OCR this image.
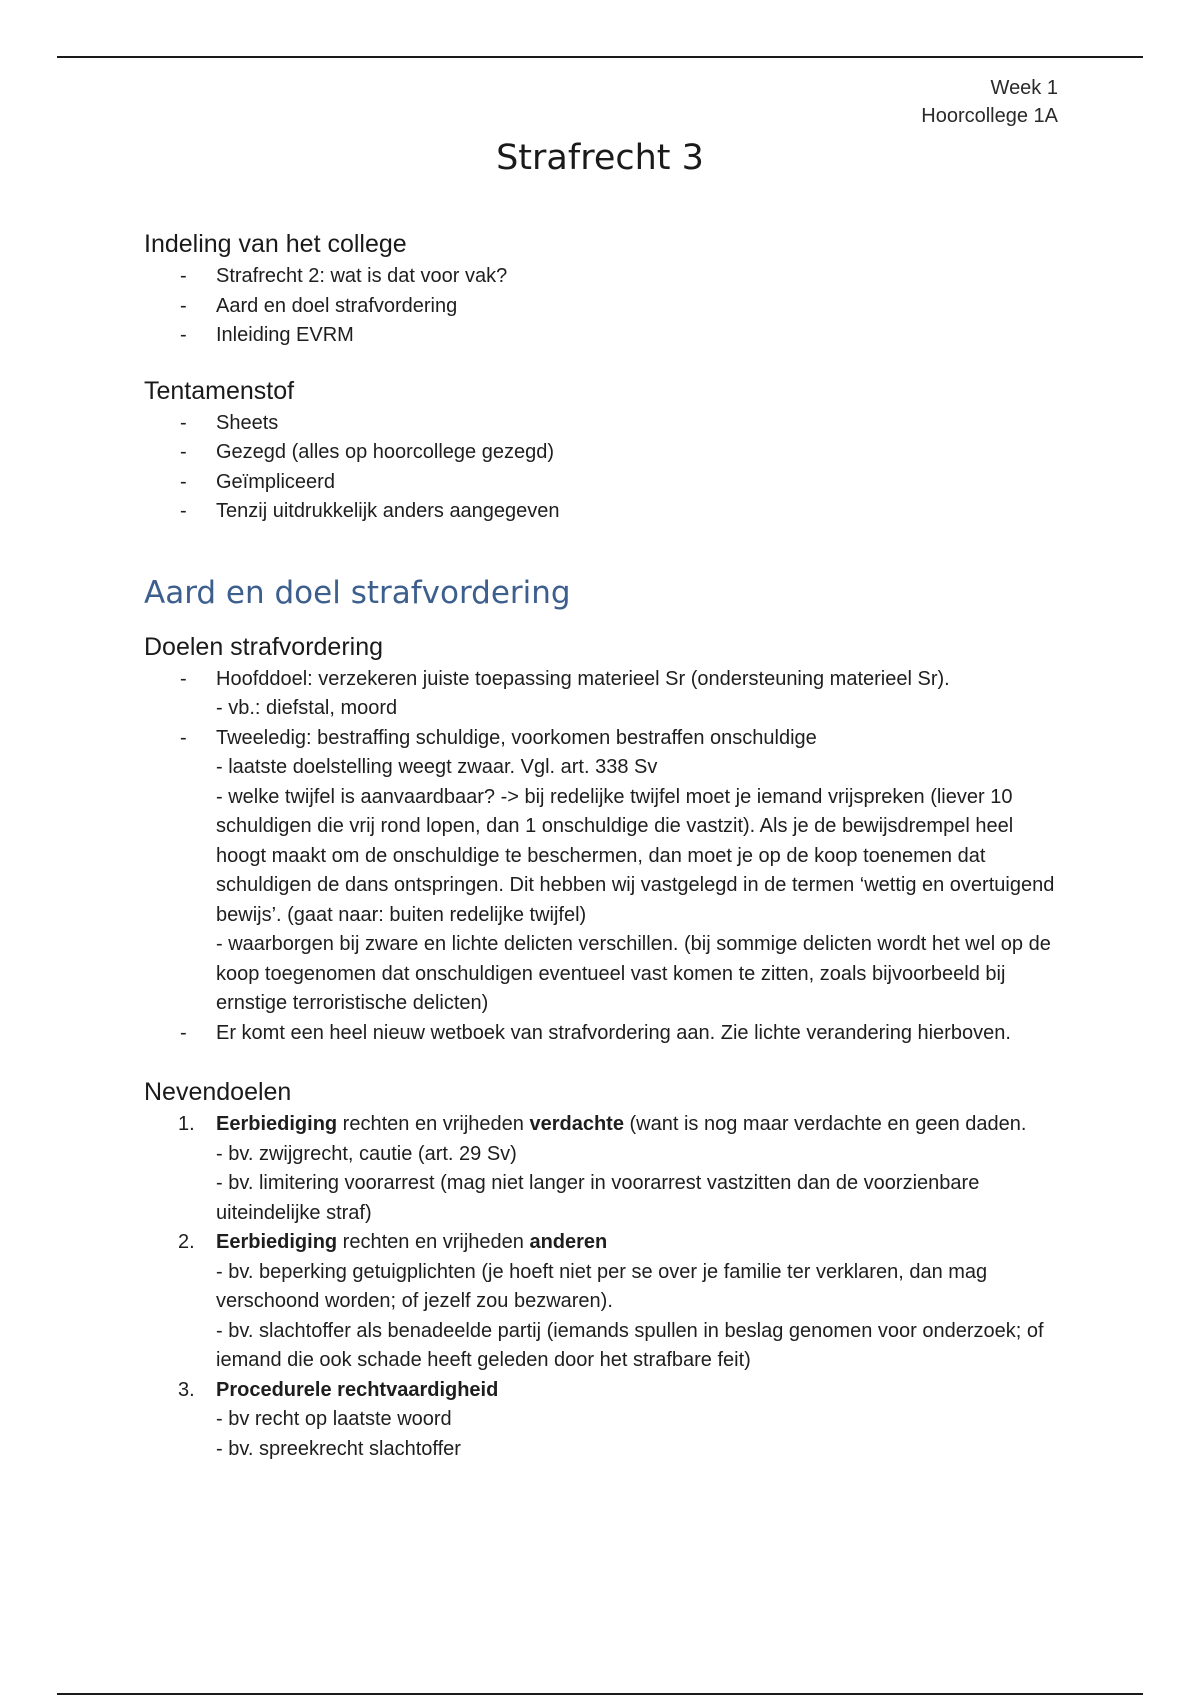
Week 1
Hoorcollege 1A
Strafrecht 3
Indeling van het college
- Strafrecht 2: wat is dat voor vak?
- Aard en doel strafvordering
- Inleiding EVRM
Tentamenstof
- Sheets
- Gezegd (alles op hoorcollege gezegd)
- Geïmpliceerd
- Tenzij uitdrukkelijk anders aangegeven
Aard en doel strafvordering
Doelen strafvordering
- Hoofddoel: verzekeren juiste toepassing materieel Sr (ondersteuning materieel Sr).
- vb.: diefstal, moord
- Tweeledig: bestraffing schuldige, voorkomen bestraffen onschuldige
- laatste doelstelling weegt zwaar. Vgl. art. 338 Sv
- welke twijfel is aanvaardbaar? -> bij redelijke twijfel moet je iemand vrijspreken (liever 10 schuldigen die vrij rond lopen, dan 1 onschuldige die vastzit). Als je de bewijsdrempel heel hoogt maakt om de onschuldige te beschermen, dan moet je op de koop toenemen dat schuldigen de dans ontspringen. Dit hebben wij vastgelegd in de termen ‘wettig en overtuigend bewijs’. (gaat naar: buiten redelijke twijfel)
- waarborgen bij zware en lichte delicten verschillen. (bij sommige delicten wordt het wel op de koop toegenomen dat onschuldigen eventueel vast komen te zitten, zoals bijvoorbeeld bij ernstige terroristische delicten)
- Er komt een heel nieuw wetboek van strafvordering aan. Zie lichte verandering hierboven.
Nevendoelen
1. Eerbiediging rechten en vrijheden verdachte (want is nog maar verdachte en geen daden.
- bv. zwijgrecht, cautie (art. 29 Sv)
- bv. limitering voorarrest (mag niet langer in voorarrest vastzitten dan de voorzienbare uiteindelijke straf)
2. Eerbiediging rechten en vrijheden anderen
- bv. beperking getuigplichten (je hoeft niet per se over je familie ter verklaren, dan mag verschoond worden; of jezelf zou bezwaren).
- bv. slachtoffer als benadeelde partij (iemands spullen in beslag genomen voor onderzoek; of iemand die ook schade heeft geleden door het strafbare feit)
3. Procedurele rechtvaardigheid
- bv recht op laatste woord
- bv. spreekrecht slachtoffer
